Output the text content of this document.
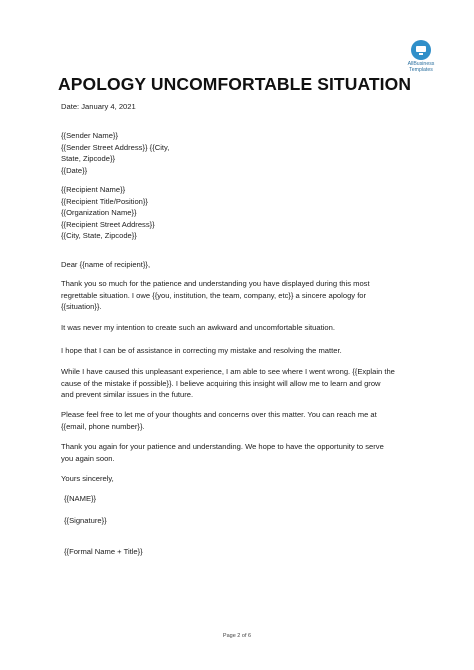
AllBusiness
Templates
APOLOGY UNCOMFORTABLE SITUATION
Date: January 4, 2021
{{Sender Name}}
{{Sender Street Address}} {{City,
State, Zipcode}}
{{Date}}
{{Recipient Name}}
{{Recipient Title/Position}}
{{Organization Name}}
{{Recipient Street Address}}
{{City, State, Zipcode}}
Dear {{name of recipient}},
Thank you so much for the patience and understanding you have displayed during this most
regrettable situation. I owe {{you, institution, the team, company, etc}} a sincere apology for
{{situation}}.
It was never my intention to create such an awkward and uncomfortable situation.
I hope that I can be of assistance in correcting my mistake and resolving the matter.
While I have caused this unpleasant experience, I am able to see where I went wrong. {{Explain the
cause of the mistake if possible}}. I believe acquiring this insight will allow me to learn and grow
and prevent similar issues in the future.
Please feel free to let me of your thoughts and concerns over this matter. You can reach me at
{{email, phone number}}.
Thank you again for your patience and understanding. We hope to have the opportunity to serve
you again soon.
Yours sincerely,
{{NAME}}
{{Signature}}
{{Formal Name + Title}}
Page 2 of 6
